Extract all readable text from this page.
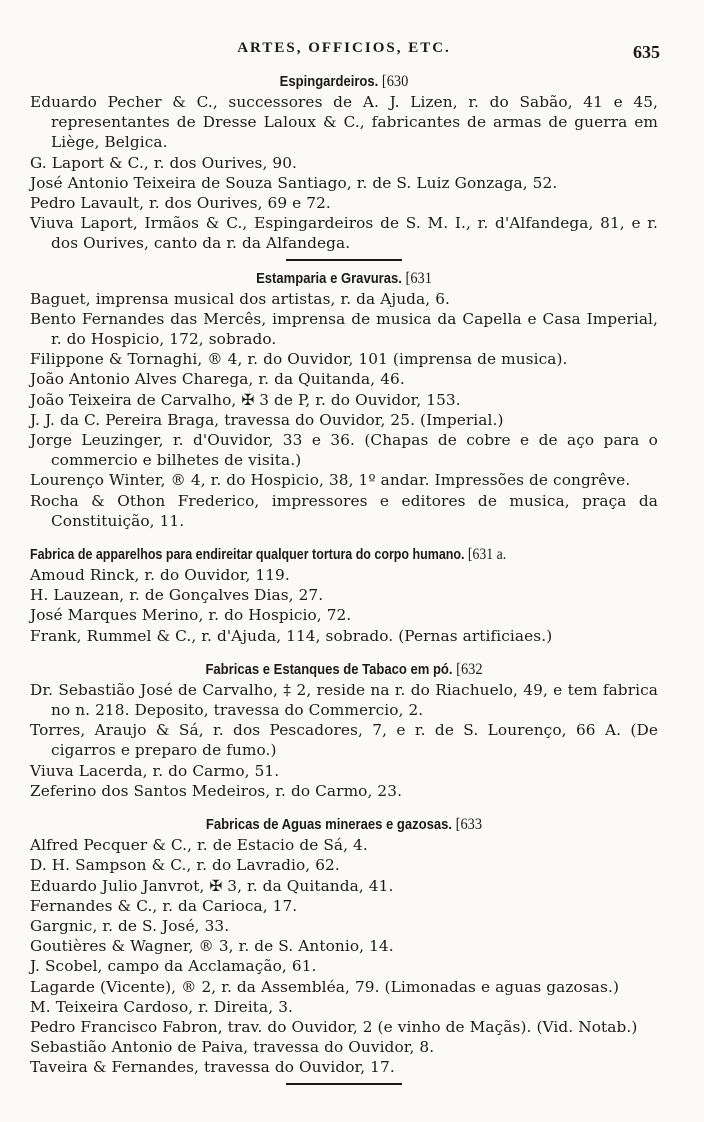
ARTES, OFFICIOS, ETC.	635

Espingardeiros. [630

Eduardo Pecher & C., successores de A. J. Lizen, r. do Sabão, 41 e 45, representantes de Dresse Laloux & C., fabricantes de armas de guerra em Liège, Belgica.

G. Laport & C., r. dos Ourives, 90.

José Antonio Teixeira de Souza Santiago, r. de S. Luiz Gonzaga, 52.

Pedro Lavault, r. dos Ourives, 69 e 72.

Viuva Laport, Irmãos & C., Espingardeiros de S. M. I., r. d'Alfandega, 81, e r. dos Ourives, canto da r. da Alfandega.

Estamparia e Gravuras. [631

Baguet, imprensa musical dos artistas, r. da Ajuda, 6.

Bento Fernandes das Mercês, imprensa de musica da Capella e Casa Imperial, r. do Hospicio, 172, sobrado.

Filippone & Tornaghi, ® 4, r. do Ouvidor, 101 (imprensa de musica).

João Antonio Alves Charega, r. da Quitanda, 46.

João Teixeira de Carvalho, ✠ 3 de P, r. do Ouvidor, 153.

J. J. da C. Pereira Braga, travessa do Ouvidor, 25. (Imperial.)

Jorge Leuzinger, r. d'Ouvidor, 33 e 36. (Chapas de cobre e de aço para o commercio e bilhetes de visita.)

Lourenço Winter, ® 4, r. do Hospicio, 38, 1º andar. Impressões de congrêve.

Rocha & Othon Frederico, impressores e editores de musica, praça da Constituição, 11.

Fabrica de apparelhos para endireitar qualquer tortura do corpo humano. [631 a.

Amoud Rinck, r. do Ouvidor, 119.

H. Lauzean, r. de Gonçalves Dias, 27.

José Marques Merino, r. do Hospicio, 72.

Frank, Rummel & C., r. d'Ajuda, 114, sobrado. (Pernas artificiaes.)

Fabricas e Estanques de Tabaco em pó. [632

Dr. Sebastião José de Carvalho, ‡ 2, reside na r. do Riachuelo, 49, e tem fabrica no n. 218. Deposito, travessa do Commercio, 2.

Torres, Araujo & Sá, r. dos Pescadores, 7, e r. de S. Lourenço, 66 A. (De cigarros e preparo de fumo.)

Viuva Lacerda, r. do Carmo, 51.

Zeferino dos Santos Medeiros, r. do Carmo, 23.

Fabricas de Aguas mineraes e gazosas. [633

Alfred Pecquer & C., r. de Estacio de Sá, 4.

D. H. Sampson & C., r. do Lavradio, 62.

Eduardo Julio Janvrot, ✠ 3, r. da Quitanda, 41.

Fernandes & C., r. da Carioca, 17.

Gargnic, r. de S. José, 33.

Goutières & Wagner, ® 3, r. de S. Antonio, 14.

J. Scobel, campo da Acclamação, 61.

Lagarde (Vicente), ® 2, r. da Assembléa, 79. (Limonadas e aguas gazosas.)

M. Teixeira Cardoso, r. Direita, 3.

Pedro Francisco Fabron, trav. do Ouvidor, 2 (e vinho de Maçãs). (Vid. Notab.)

Sebastião Antonio de Paiva, travessa do Ouvidor, 8.

Taveira & Fernandes, travessa do Ouvidor, 17.
